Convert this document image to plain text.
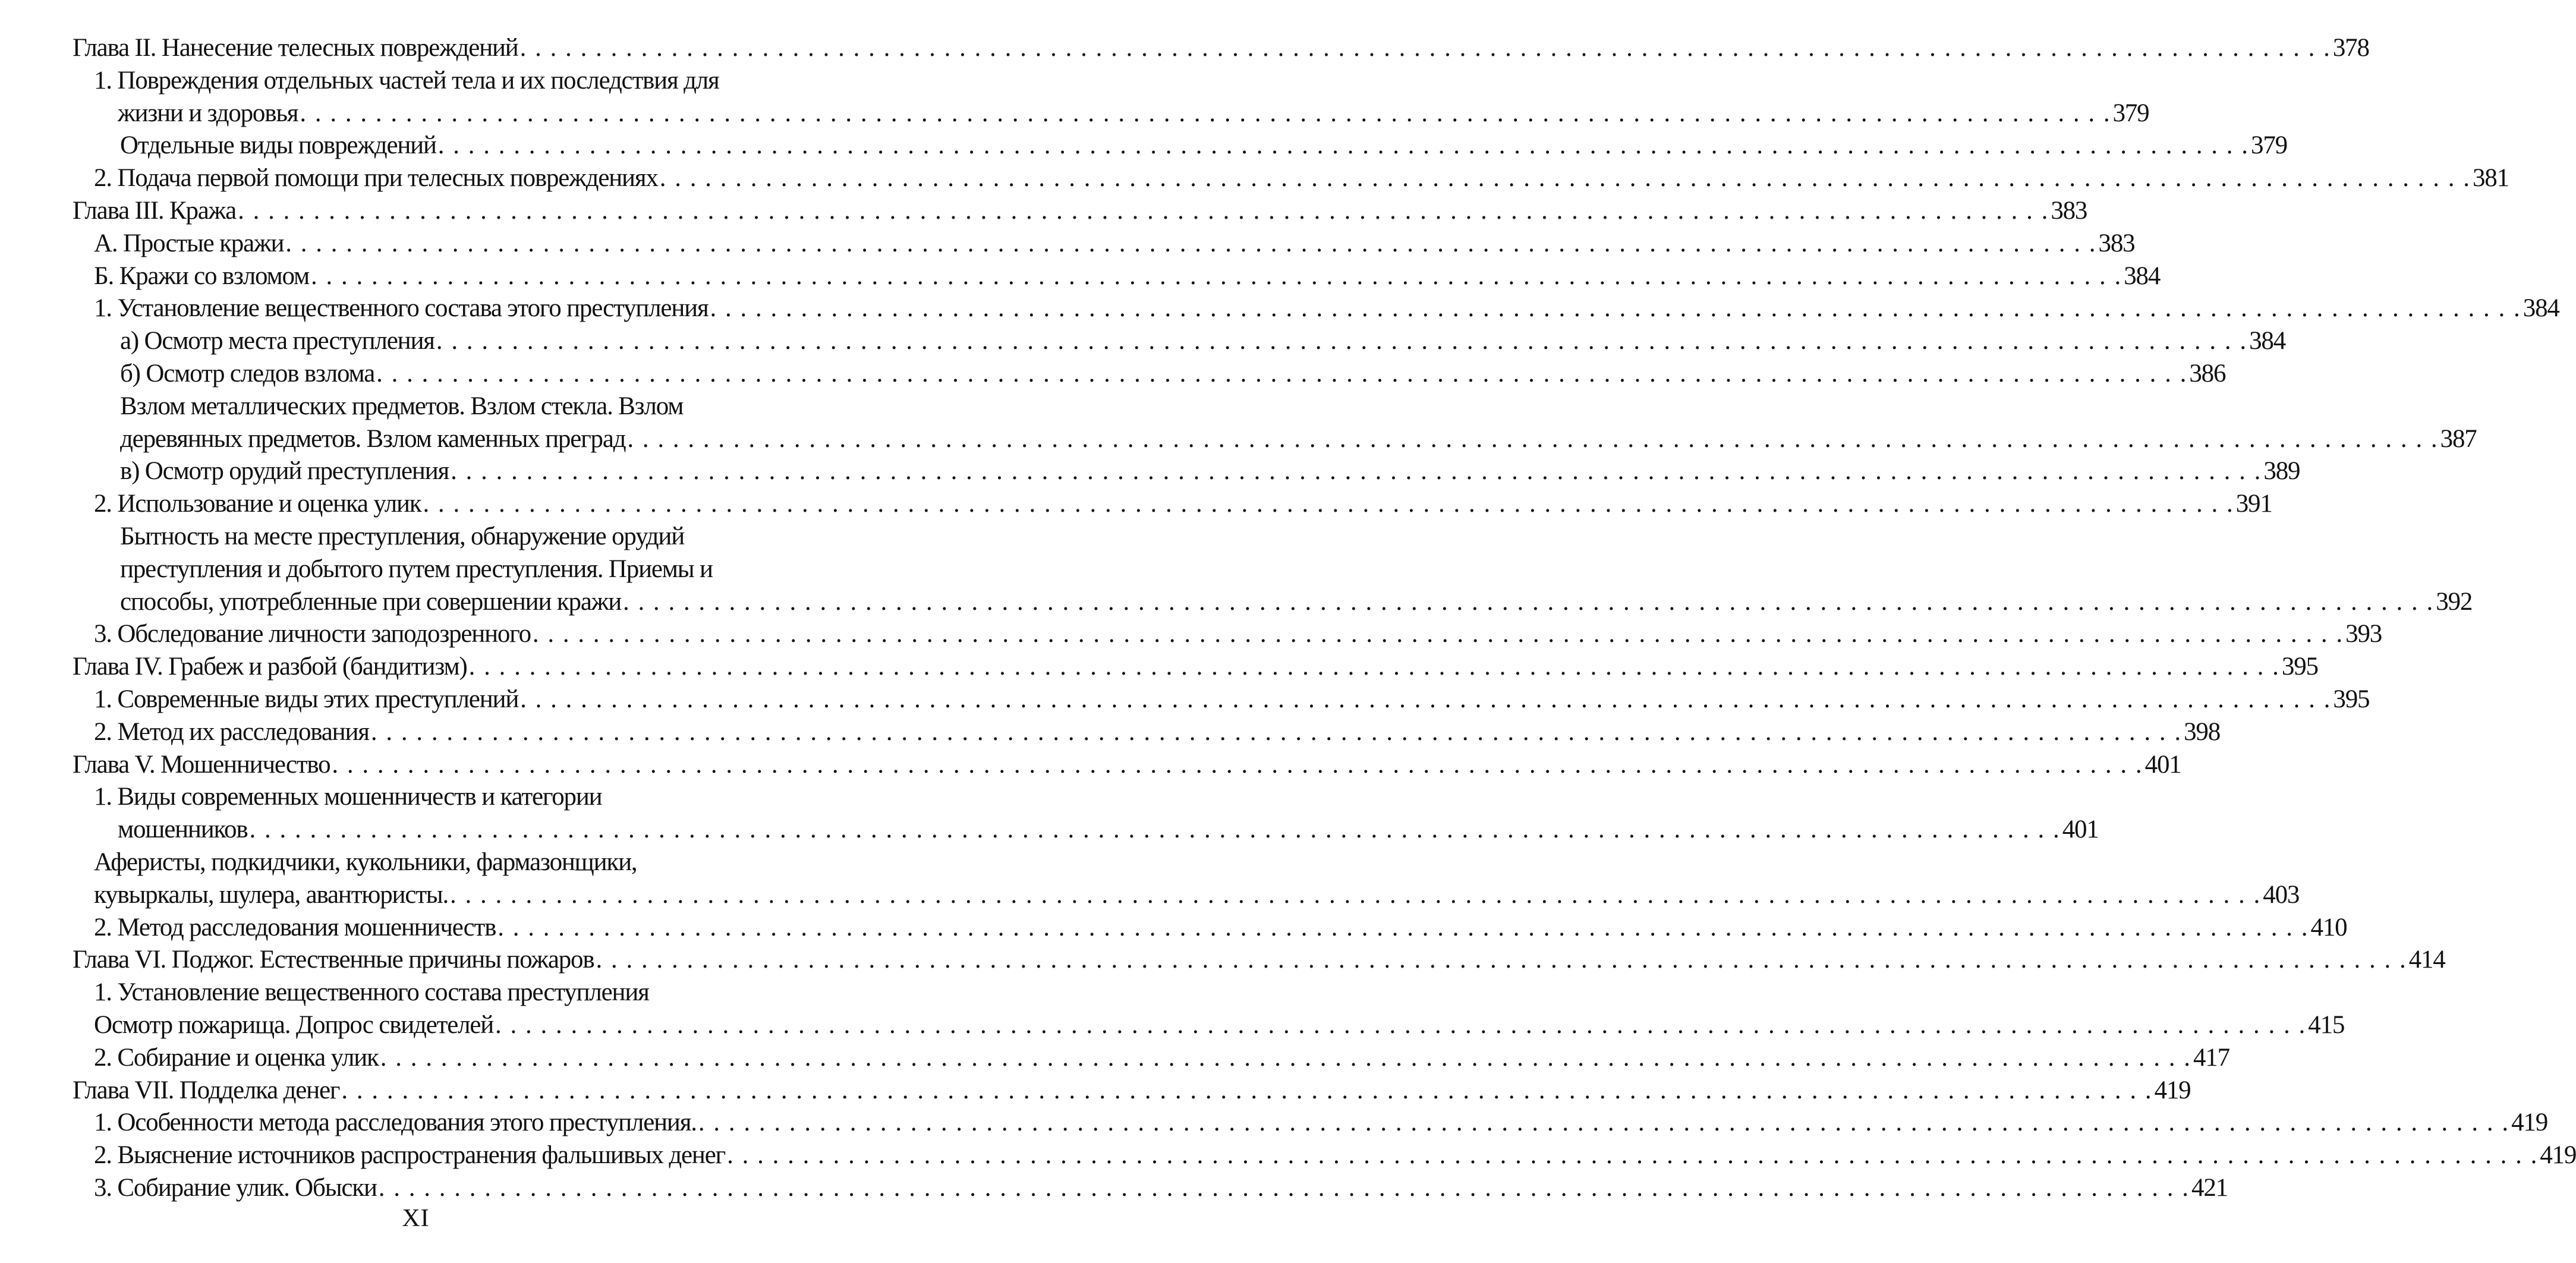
Глава II. Нанесение телесных повреждений . . . . . . . . . . . . . . . . . . . . . . . . . . . . . . . . . . . . . . . . . . . . . . . . . . . . . . . . . . . . . . . . . . . . . . . . . . . . . . . . . . . . . . . . . . . . . . . . . . . . . . . . . . . . . . . . . . . . . . . . 378
1. Повреждения отдельных частей тела и их последствия для
жизни и здоровья . . . . . . . . . . . . . . . . . . . . . . . . . . . . . . . . . . . . . . . . . . . . . . . . . . . . . . . . . . . . . . . . . . . . . . . . . . . . . . . . . . . . . . . . . . . . . . . . . . . . . . . . . . . . . . . . . . . . . . . . 379
Отдельные виды повреждений . . . . . . . . . . . . . . . . . . . . . . . . . . . . . . . . . . . . . . . . . . . . . . . . . . . . . . . . . . . . . . . . . . . . . . . . . . . . . . . . . . . . . . . . . . . . . . . . . . . . . . . . . . . . . . . . . . . . . . . . 379
2. Подача первой помощи при телесных повреждениях . . . . . . . . . . . . . . . . . . . . . . . . . . . . . . . . . . . . . . . . . . . . . . . . . . . . . . . . . . . . . . . . . . . . . . . . . . . . . . . . . . . . . . . . . . . . . . . . . . . . . . . . . . . . . . . . . . . . . . . . 381
Глава III. Кража . . . . . . . . . . . . . . . . . . . . . . . . . . . . . . . . . . . . . . . . . . . . . . . . . . . . . . . . . . . . . . . . . . . . . . . . . . . . . . . . . . . . . . . . . . . . . . . . . . . . . . . . . . . . . . . . . . . . . . . . 383
А. Простые кражи . . . . . . . . . . . . . . . . . . . . . . . . . . . . . . . . . . . . . . . . . . . . . . . . . . . . . . . . . . . . . . . . . . . . . . . . . . . . . . . . . . . . . . . . . . . . . . . . . . . . . . . . . . . . . . . . . . . . . . . . 383
Б. Кражи со взломом . . . . . . . . . . . . . . . . . . . . . . . . . . . . . . . . . . . . . . . . . . . . . . . . . . . . . . . . . . . . . . . . . . . . . . . . . . . . . . . . . . . . . . . . . . . . . . . . . . . . . . . . . . . . . . . . . . . . . . . . 384
1. Установление вещественного состава этого преступления . . . . . . . . . . . . . . . . . . . . . . . . . . . . . . . . . . . . . . . . . . . . . . . . . . . . . . . . . . . . . . . . . . . . . . . . . . . . . . . . . . . . . . . . . . . . . . . . . . . . . . . . . . . . . . . . . . . . . . . . 384
а) Осмотр места преступления . . . . . . . . . . . . . . . . . . . . . . . . . . . . . . . . . . . . . . . . . . . . . . . . . . . . . . . . . . . . . . . . . . . . . . . . . . . . . . . . . . . . . . . . . . . . . . . . . . . . . . . . . . . . . . . . . . . . . . . . 384
б) Осмотр следов взлома . . . . . . . . . . . . . . . . . . . . . . . . . . . . . . . . . . . . . . . . . . . . . . . . . . . . . . . . . . . . . . . . . . . . . . . . . . . . . . . . . . . . . . . . . . . . . . . . . . . . . . . . . . . . . . . . . . . . . . . . 386
Взлом металлических предметов. Взлом стекла. Взлом
деревянных предметов. Взлом каменных преград . . . . . . . . . . . . . . . . . . . . . . . . . . . . . . . . . . . . . . . . . . . . . . . . . . . . . . . . . . . . . . . . . . . . . . . . . . . . . . . . . . . . . . . . . . . . . . . . . . . . . . . . . . . . . . . . . . . . . . . . 387
в) Осмотр орудий преступления . . . . . . . . . . . . . . . . . . . . . . . . . . . . . . . . . . . . . . . . . . . . . . . . . . . . . . . . . . . . . . . . . . . . . . . . . . . . . . . . . . . . . . . . . . . . . . . . . . . . . . . . . . . . . . . . . . . . . . . . 389
2. Использование и оценка улик . . . . . . . . . . . . . . . . . . . . . . . . . . . . . . . . . . . . . . . . . . . . . . . . . . . . . . . . . . . . . . . . . . . . . . . . . . . . . . . . . . . . . . . . . . . . . . . . . . . . . . . . . . . . . . . . . . . . . . . . 391
Бытность на месте преступления, обнаружение орудий
преступления и добытого путем преступления. Приемы и
способы, употребленные при совершении кражи . . . . . . . . . . . . . . . . . . . . . . . . . . . . . . . . . . . . . . . . . . . . . . . . . . . . . . . . . . . . . . . . . . . . . . . . . . . . . . . . . . . . . . . . . . . . . . . . . . . . . . . . . . . . . . . . . . . . . . . . 392
3. Обследование личности заподозренного . . . . . . . . . . . . . . . . . . . . . . . . . . . . . . . . . . . . . . . . . . . . . . . . . . . . . . . . . . . . . . . . . . . . . . . . . . . . . . . . . . . . . . . . . . . . . . . . . . . . . . . . . . . . . . . . . . . . . . . . 393
Глава IV. Грабеж и разбой (бандитизм) . . . . . . . . . . . . . . . . . . . . . . . . . . . . . . . . . . . . . . . . . . . . . . . . . . . . . . . . . . . . . . . . . . . . . . . . . . . . . . . . . . . . . . . . . . . . . . . . . . . . . . . . . . . . . . . . . . . . . . . . 395
1. Современные виды этих преступлений . . . . . . . . . . . . . . . . . . . . . . . . . . . . . . . . . . . . . . . . . . . . . . . . . . . . . . . . . . . . . . . . . . . . . . . . . . . . . . . . . . . . . . . . . . . . . . . . . . . . . . . . . . . . . . . . . . . . . . . . 395
2. Метод их расследования . . . . . . . . . . . . . . . . . . . . . . . . . . . . . . . . . . . . . . . . . . . . . . . . . . . . . . . . . . . . . . . . . . . . . . . . . . . . . . . . . . . . . . . . . . . . . . . . . . . . . . . . . . . . . . . . . . . . . . . . 398
Глава V. Мошенничество . . . . . . . . . . . . . . . . . . . . . . . . . . . . . . . . . . . . . . . . . . . . . . . . . . . . . . . . . . . . . . . . . . . . . . . . . . . . . . . . . . . . . . . . . . . . . . . . . . . . . . . . . . . . . . . . . . . . . . . . 401
1. Виды современных мошенничеств и категории
мошенников . . . . . . . . . . . . . . . . . . . . . . . . . . . . . . . . . . . . . . . . . . . . . . . . . . . . . . . . . . . . . . . . . . . . . . . . . . . . . . . . . . . . . . . . . . . . . . . . . . . . . . . . . . . . . . . . . . . . . . . . 401
Аферисты, подкидчики, кукольники, фармазонщики,
кувыркалы, шулера, авантюристы. . . . . . . . . . . . . . . . . . . . . . . . . . . . . . . . . . . . . . . . . . . . . . . . . . . . . . . . . . . . . . . . . . . . . . . . . . . . . . . . . . . . . . . . . . . . . . . . . . . . . . . . . . . . . . . . . . . . . . . . . 403
2. Метод расследования мошенничеств . . . . . . . . . . . . . . . . . . . . . . . . . . . . . . . . . . . . . . . . . . . . . . . . . . . . . . . . . . . . . . . . . . . . . . . . . . . . . . . . . . . . . . . . . . . . . . . . . . . . . . . . . . . . . . . . . . . . . . . . 410
Глава VI. Поджог. Естественные причины пожаров . . . . . . . . . . . . . . . . . . . . . . . . . . . . . . . . . . . . . . . . . . . . . . . . . . . . . . . . . . . . . . . . . . . . . . . . . . . . . . . . . . . . . . . . . . . . . . . . . . . . . . . . . . . . . . . . . . . . . . . . 414
1. Установление вещественного состава преступления
Осмотр пожарища. Допрос свидетелей . . . . . . . . . . . . . . . . . . . . . . . . . . . . . . . . . . . . . . . . . . . . . . . . . . . . . . . . . . . . . . . . . . . . . . . . . . . . . . . . . . . . . . . . . . . . . . . . . . . . . . . . . . . . . . . . . . . . . . . . 415
2. Собирание и оценка улик . . . . . . . . . . . . . . . . . . . . . . . . . . . . . . . . . . . . . . . . . . . . . . . . . . . . . . . . . . . . . . . . . . . . . . . . . . . . . . . . . . . . . . . . . . . . . . . . . . . . . . . . . . . . . . . . . . . . . . . . 417
Глава VII. Подделка денег . . . . . . . . . . . . . . . . . . . . . . . . . . . . . . . . . . . . . . . . . . . . . . . . . . . . . . . . . . . . . . . . . . . . . . . . . . . . . . . . . . . . . . . . . . . . . . . . . . . . . . . . . . . . . . . . . . . . . . . . 419
1. Особенности метода расследования этого преступления. . . . . . . . . . . . . . . . . . . . . . . . . . . . . . . . . . . . . . . . . . . . . . . . . . . . . . . . . . . . . . . . . . . . . . . . . . . . . . . . . . . . . . . . . . . . . . . . . . . . . . . . . . . . . . . . . . . . . . . . . 419
2. Выяснение источников распространения фальшивых денег . . . . . . . . . . . . . . . . . . . . . . . . . . . . . . . . . . . . . . . . . . . . . . . . . . . . . . . . . . . . . . . . . . . . . . . . . . . . . . . . . . . . . . . . . . . . . . . . . . . . . . . . . . . . . . . . . . . . . . . . 419
3. Собирание улик. Обыски . . . . . . . . . . . . . . . . . . . . . . . . . . . . . . . . . . . . . . . . . . . . . . . . . . . . . . . . . . . . . . . . . . . . . . . . . . . . . . . . . . . . . . . . . . . . . . . . . . . . . . . . . . . . . . . . . . . . . . . . 421
XI
